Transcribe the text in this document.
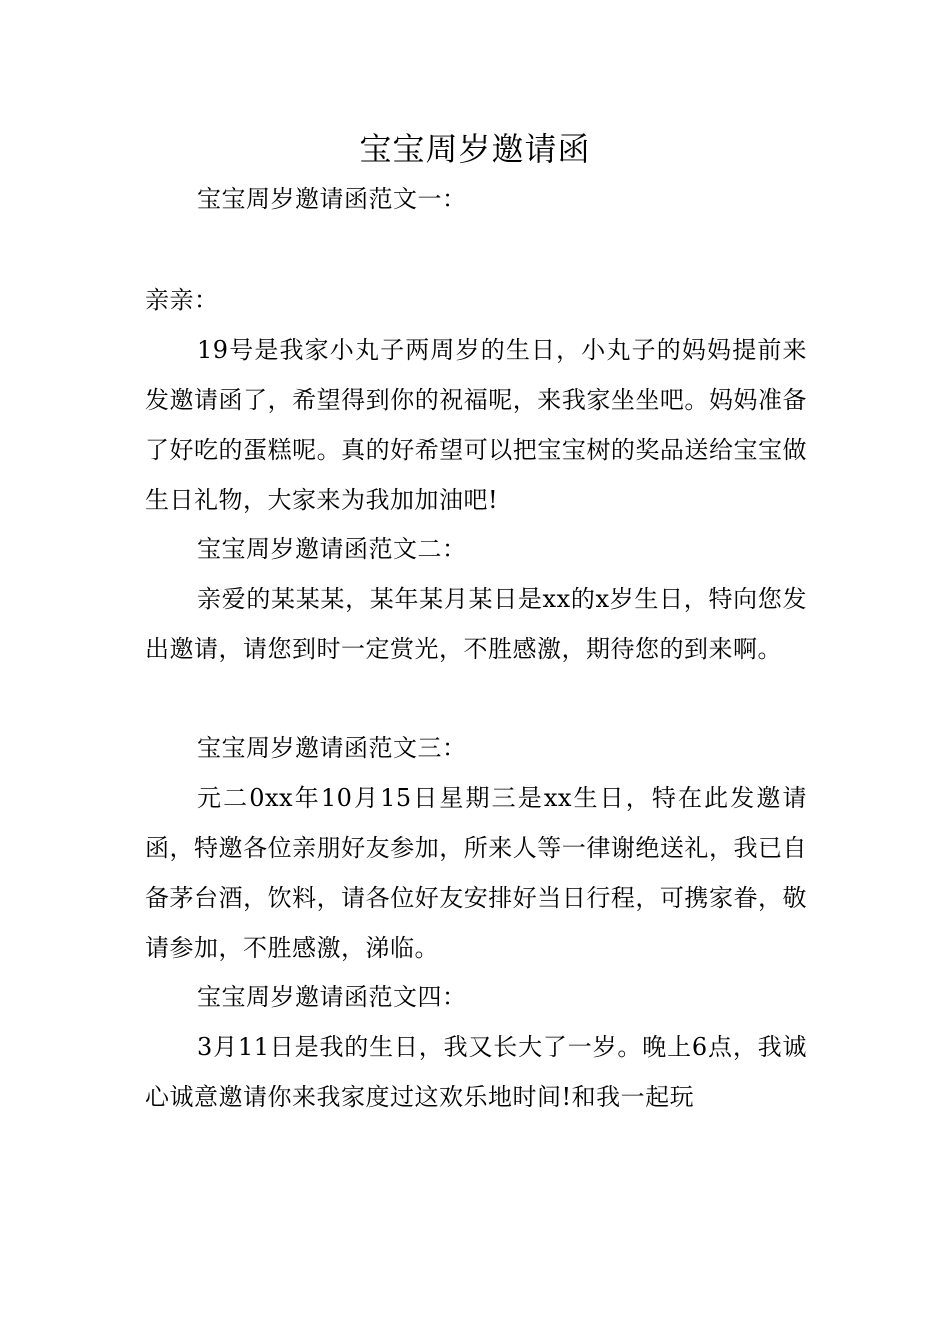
宝宝周岁邀请函
宝宝周岁邀请函范文一：
亲亲：
19号是我家小丸子两周岁的生日，小丸子的妈妈提前来发邀请函了，希望得到你的祝福呢，来我家坐坐吧。妈妈准备了好吃的蛋糕呢。真的好希望可以把宝宝树的奖品送给宝宝做生日礼物，大家来为我加加油吧!
宝宝周岁邀请函范文二：
亲爱的某某某，某年某月某日是xx的x岁生日，特向您发出邀请，请您到时一定赏光，不胜感激，期待您的到来啊。
宝宝周岁邀请函范文三：
元二0xx年10月15日星期三是xx生日，特在此发邀请函，特邀各位亲朋好友参加，所来人等一律谢绝送礼，我已自备茅台酒，饮料，请各位好友安排好当日行程，可携家眷，敬请参加，不胜感激，涕临。
宝宝周岁邀请函范文四：
3月11日是我的生日，我又长大了一岁。晚上6点，我诚心诚意邀请你来我家度过这欢乐地时间!和我一起玩
